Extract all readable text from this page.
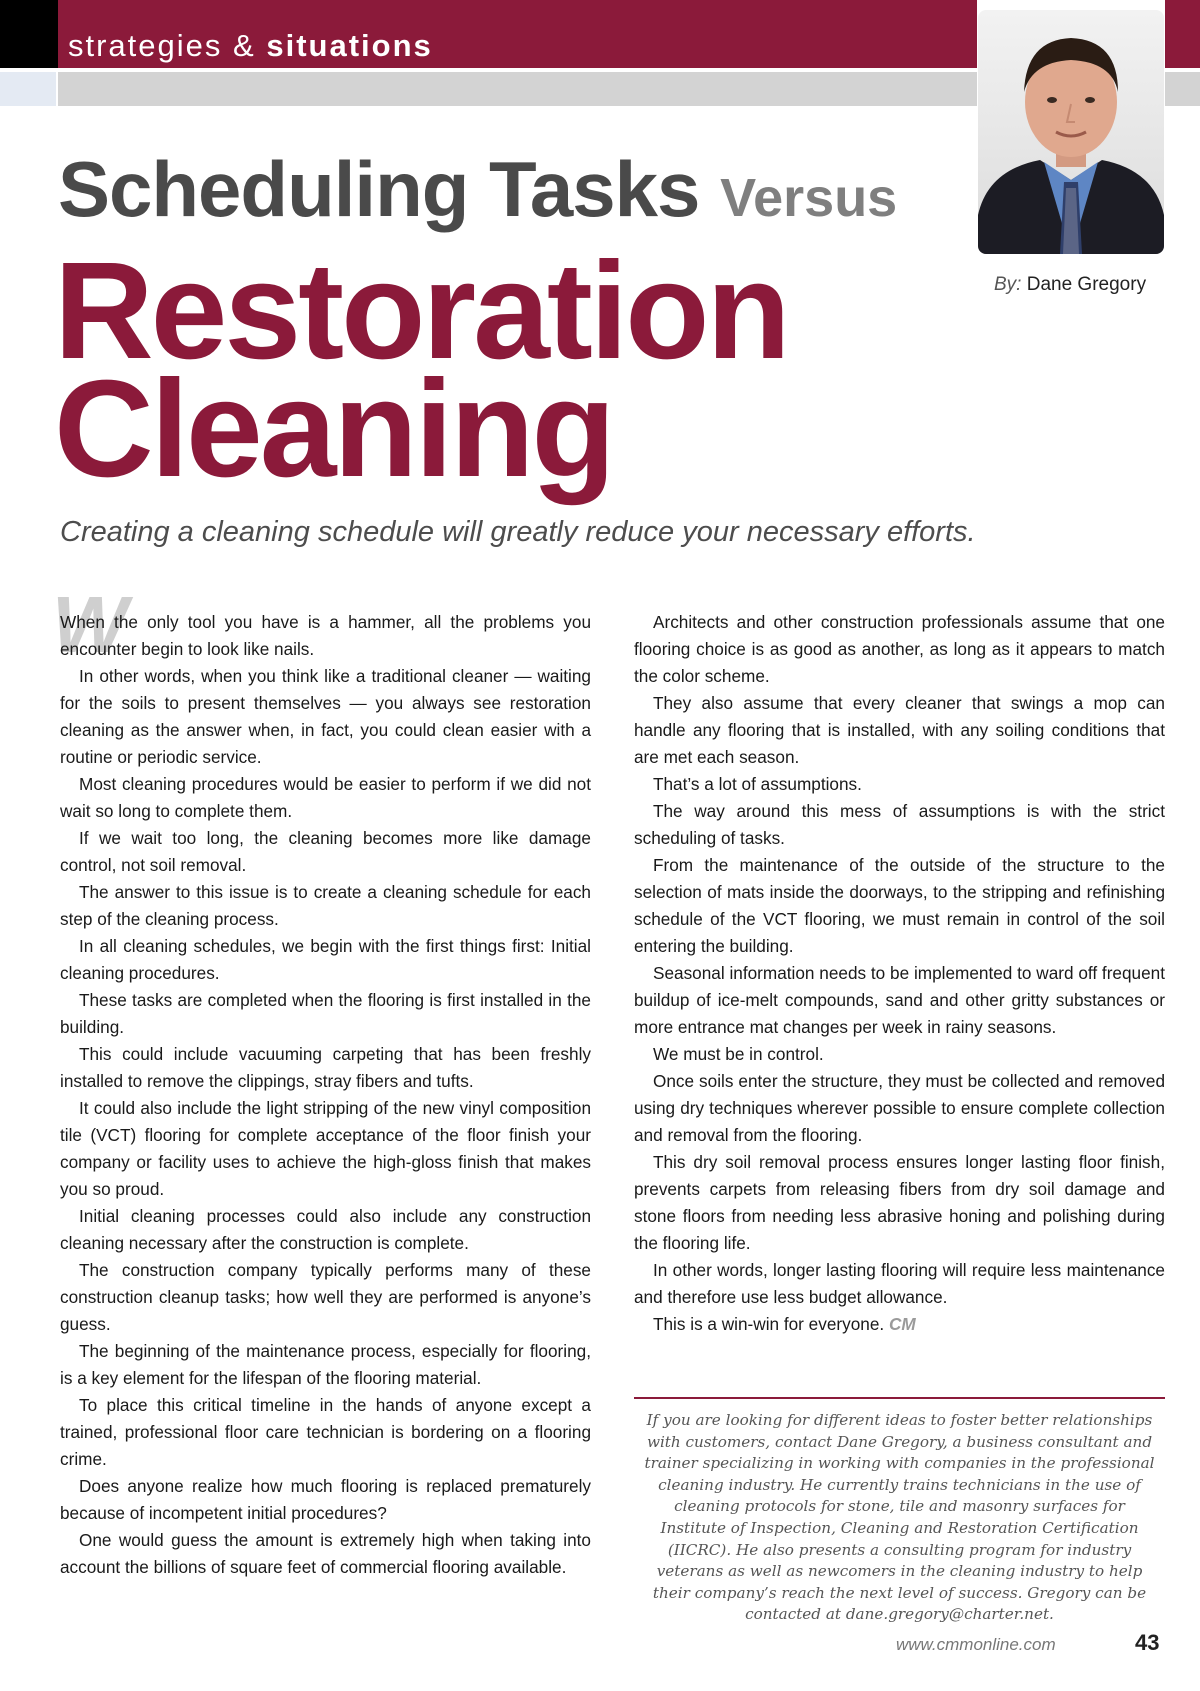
strategies & situations
By: Dane Gregory
Scheduling Tasks Versus
Restoration
Cleaning
Creating a cleaning schedule will greatly reduce your necessary efforts.
W

When the only tool you have is a hammer, all the problems you encounter begin to look like nails.

In other words, when you think like a traditional cleaner — waiting for the soils to present themselves — you always see restoration cleaning as the answer when, in fact, you could clean easier with a routine or periodic service.

Most cleaning procedures would be easier to perform if we did not wait so long to complete them.

If we wait too long, the cleaning becomes more like damage control, not soil removal.

The answer to this issue is to create a cleaning schedule for each step of the cleaning process.

In all cleaning schedules, we begin with the first things first: Initial cleaning procedures.

These tasks are completed when the flooring is first installed in the building.

This could include vacuuming carpeting that has been freshly installed to remove the clippings, stray fibers and tufts.

It could also include the light stripping of the new vinyl composition tile (VCT) flooring for complete acceptance of the floor finish your company or facility uses to achieve the high-gloss finish that makes you so proud.

Initial cleaning processes could also include any construction cleaning necessary after the construction is complete.

The construction company typically performs many of these construction cleanup tasks; how well they are performed is anyone’s guess.

The beginning of the maintenance process, especially for flooring, is a key element for the lifespan of the flooring material.

To place this critical timeline in the hands of anyone except a trained, professional floor care technician is bordering on a flooring crime.

Does anyone realize how much flooring is replaced prematurely because of incompetent initial procedures?

One would guess the amount is extremely high when taking into account the billions of square feet of commercial flooring available.

Architects and other construction professionals assume that one flooring choice is as good as another, as long as it appears to match the color scheme.

They also assume that every cleaner that swings a mop can handle any flooring that is installed, with any soiling conditions that are met each season.

That’s a lot of assumptions.

The way around this mess of assumptions is with the strict scheduling of tasks.

From the maintenance of the outside of the structure to the selection of mats inside the doorways, to the stripping and refinishing schedule of the VCT flooring, we must remain in control of the soil entering the building.

Seasonal information needs to be implemented to ward off frequent buildup of ice-melt compounds, sand and other gritty substances or more entrance mat changes per week in rainy seasons.

We must be in control.

Once soils enter the structure, they must be collected and removed using dry techniques wherever possible to ensure complete collection and removal from the flooring.

This dry soil removal process ensures longer lasting floor finish, prevents carpets from releasing fibers from dry soil damage and stone floors from needing less abrasive honing and polishing during the flooring life.

In other words, longer lasting flooring will require less maintenance and therefore use less budget allowance.

This is a win-win for everyone. CM

If you are looking for different ideas to foster better relationships with customers, contact Dane Gregory, a business consultant and trainer specializing in working with companies in the professional cleaning industry. He currently trains technicians in the use of cleaning protocols for stone, tile and masonry surfaces for Institute of Inspection, Cleaning and Restoration Certification (IICRC). He also presents a consulting program for industry veterans as well as newcomers in the cleaning industry to help their company’s reach the next level of success. Gregory can be contacted at dane.gregory@charter.net.
www.cmmonline.com	43
